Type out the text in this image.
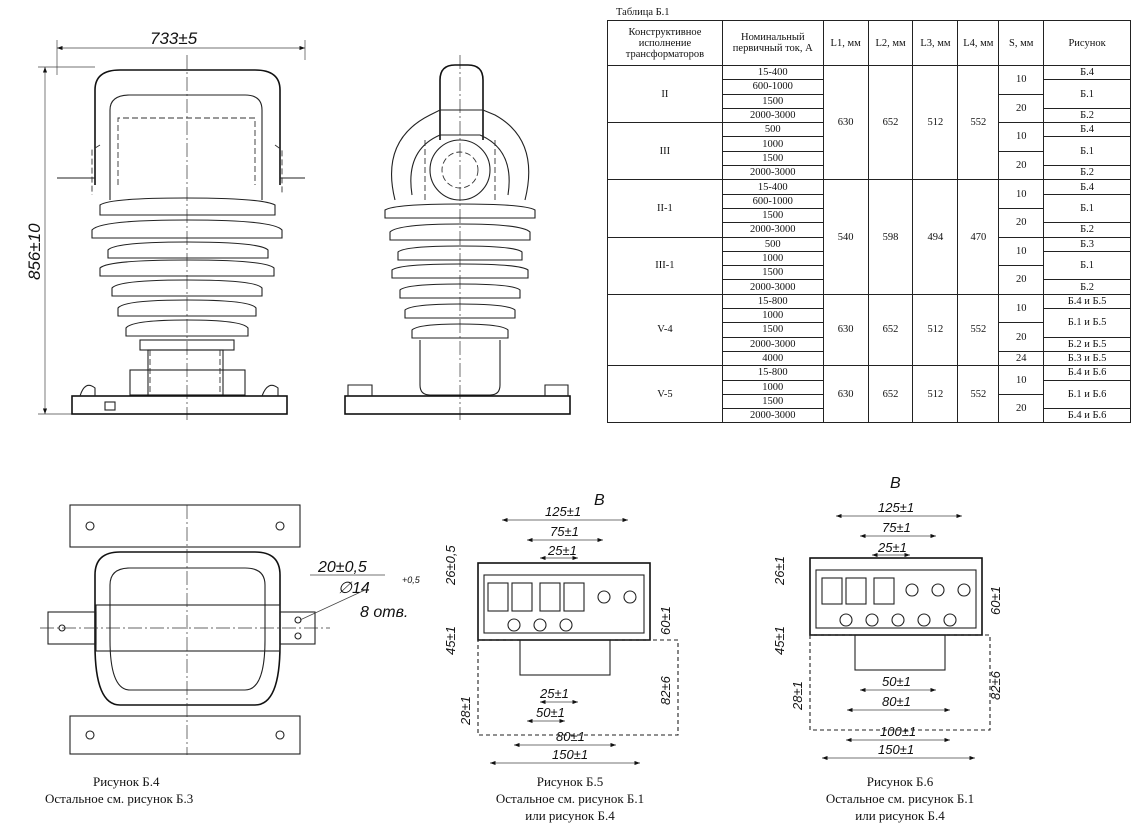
733±5
856±10
20±0,5
∅14	+0,5
8 отв.
В
125±1
75±1
25±1
26±0,5
45±1
60±1
82±6
28±1
25±1
50±1
80±1
150±1
В
125±1
75±1
25±1
26±1
45±1
60±1
82±6
28±1	50±1
80±1
100±1
150±1
Таблица Б.1
Конструктивное исполнение трансформаторов	Номинальный первичный ток, А	L1, мм	L2, мм	L3, мм	L4, мм	S, мм	Рисунок
II	15-400	630	652	512	552	10	Б.4
	600-1000						Б.1
	1500					20	
	2000-3000						Б.2
III	500					10	Б.4
	1000						Б.1
	1500					20	
	2000-3000						Б.2
II-1	15-400	540	598	494	470	10	Б.4
	600-1000						Б.1
	1500					20	
	2000-3000						Б.2
III-1	500					10	Б.3
	1000						Б.1
	1500					20	
	2000-3000						Б.2
V-4	15-800	630	652	512	552	10	Б.4 и Б.5
	1000						Б.1 и Б.5
	1500					20	
	2000-3000						Б.2 и Б.5
	4000					24	Б.3 и Б.5
V-5	15-800	630	652	512	552	10	Б.4 и Б.6
	1000						Б.1 и Б.6
	1500					20	
	2000-3000						Б.4 и Б.6
Рисунок Б.4
Остальное см. рисунок Б.3
Рисунок Б.5
Остальное см. рисунок Б.1
или рисунок Б.4
Рисунок Б.6
Остальное см. рисунок Б.1
или рисунок Б.4
